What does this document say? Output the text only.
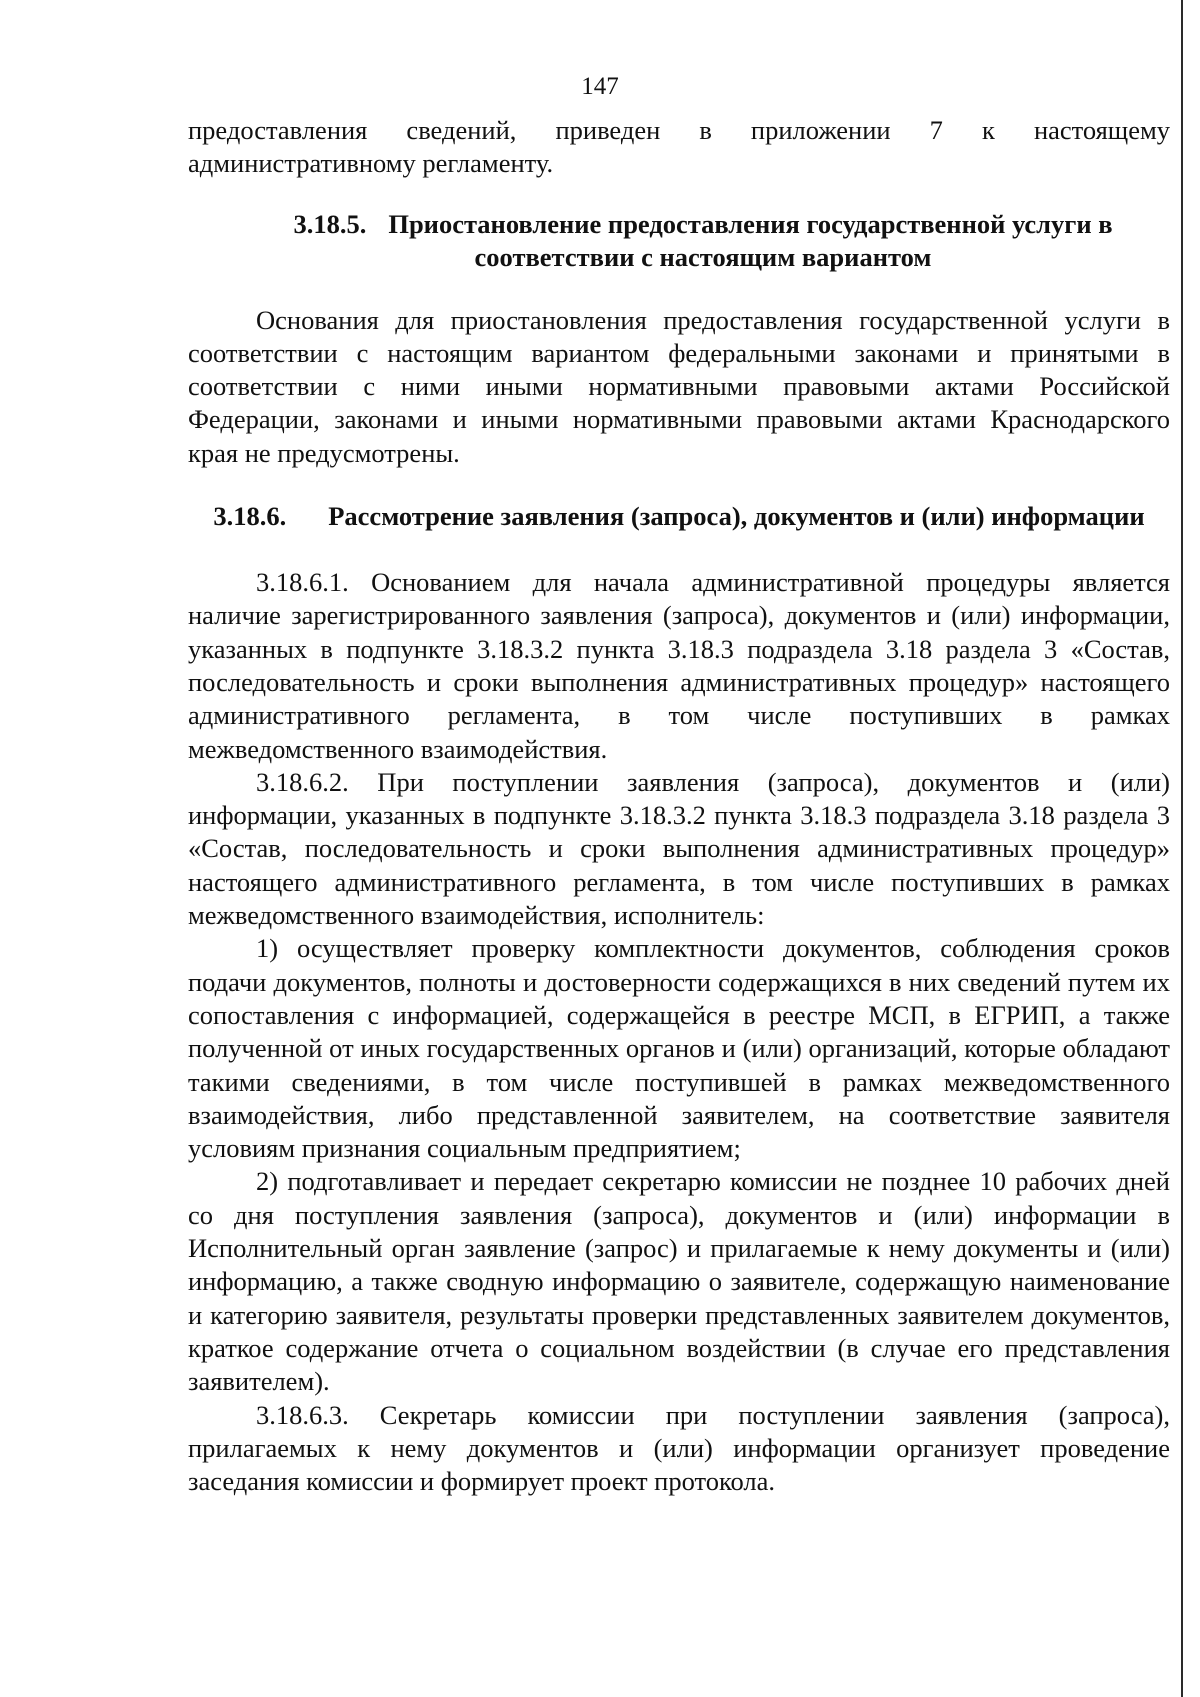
147

предоставления сведений, приведен в приложении 7 к настоящему административному регламенту.

3.18.5. Приостановление предоставления государственной услуги в соответствии с настоящим вариантом

Основания для приостановления предоставления государственной услуги в соответствии с настоящим вариантом федеральными законами и принятыми в соответствии с ними иными нормативными правовыми актами Российской Федерации, законами и иными нормативными правовыми актами Краснодарского края не предусмотрены.

3.18.6. Рассмотрение заявления (запроса), документов и (или) информации

3.18.6.1. Основанием для начала административной процедуры является наличие зарегистрированного заявления (запроса), документов и (или) информации, указанных в подпункте 3.18.3.2 пункта 3.18.3 подраздела 3.18 раздела 3 «Состав, последовательность и сроки выполнения административных процедур» настоящего административного регламента, в том числе поступивших в рамках межведомственного взаимодействия.

3.18.6.2. При поступлении заявления (запроса), документов и (или) информации, указанных в подпункте 3.18.3.2 пункта 3.18.3 подраздела 3.18 раздела 3 «Состав, последовательность и сроки выполнения административных процедур» настоящего административного регламента, в том числе поступивших в рамках межведомственного взаимодействия, исполнитель:

1) осуществляет проверку комплектности документов, соблюдения сроков подачи документов, полноты и достоверности содержащихся в них сведений путем их сопоставления с информацией, содержащейся в реестре МСП, в ЕГРИП, а также полученной от иных государственных органов и (или) организаций, которые обладают такими сведениями, в том числе поступившей в рамках межведомственного взаимодействия, либо представленной заявителем, на соответствие заявителя условиям признания социальным предприятием;

2) подготавливает и передает секретарю комиссии не позднее 10 рабочих дней со дня поступления заявления (запроса), документов и (или) информации в Исполнительный орган заявление (запрос) и прилагаемые к нему документы и (или) информацию, а также сводную информацию о заявителе, содержащую наименование и категорию заявителя, результаты проверки представленных заявителем документов, краткое содержание отчета о социальном воздействии (в случае его представления заявителем).

3.18.6.3. Секретарь комиссии при поступлении заявления (запроса), прилагаемых к нему документов и (или) информации организует проведение заседания комиссии и формирует проект протокола.
